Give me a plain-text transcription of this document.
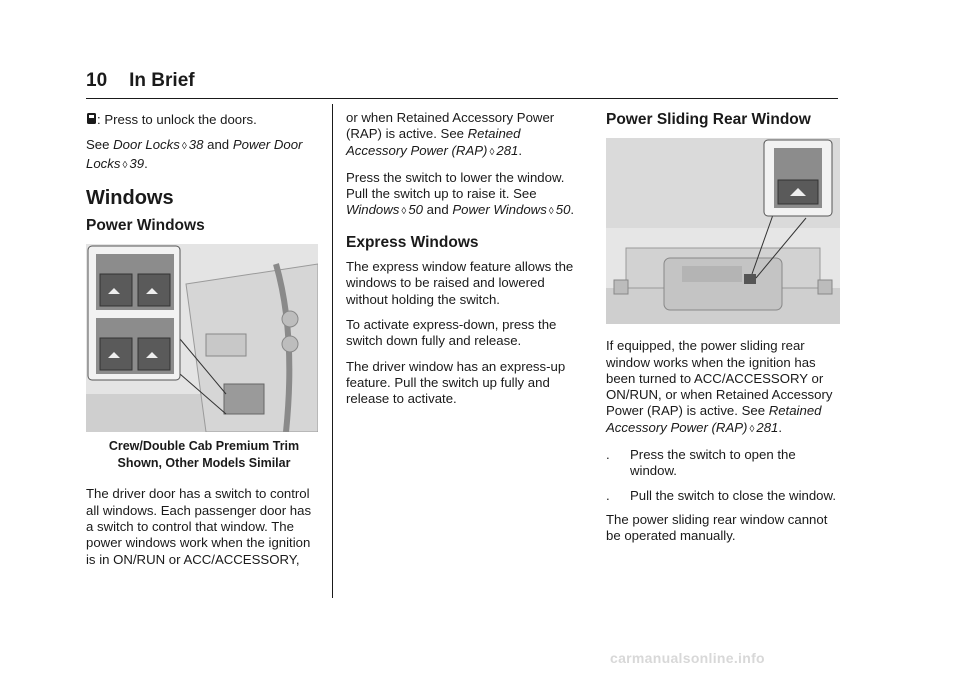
10 In Brief

: Press to unlock the doors.

See Door Locks ◊ 38 and Power Door Locks ◊ 39.

Windows
Power Windows
Crew/Double Cab Premium Trim
Shown, Other Models Similar

The driver door has a switch to control all windows. Each passenger door has a switch to control that window. The power windows work when the ignition is in ON/RUN or ACC/ACCESSORY,

or when Retained Accessory Power (RAP) is active. See Retained Accessory Power (RAP) ◊ 281.

Press the switch to lower the window. Pull the switch up to raise it. See Windows ◊ 50 and Power Windows ◊ 50.

Express Windows

The express window feature allows the windows to be raised and lowered without holding the switch.

To activate express-down, press the switch down fully and release.

The driver window has an express-up feature. Pull the switch up fully and release to activate.

Power Sliding Rear Window

If equipped, the power sliding rear window works when the ignition has been turned to ACC/ACCESSORY or ON/RUN, or when Retained Accessory Power (RAP) is active. See Retained Accessory Power (RAP) ◊ 281.

. Press the switch to open the window.

. Pull the switch to close the window.

The power sliding rear window cannot be operated manually.

carmanualsonline.info
